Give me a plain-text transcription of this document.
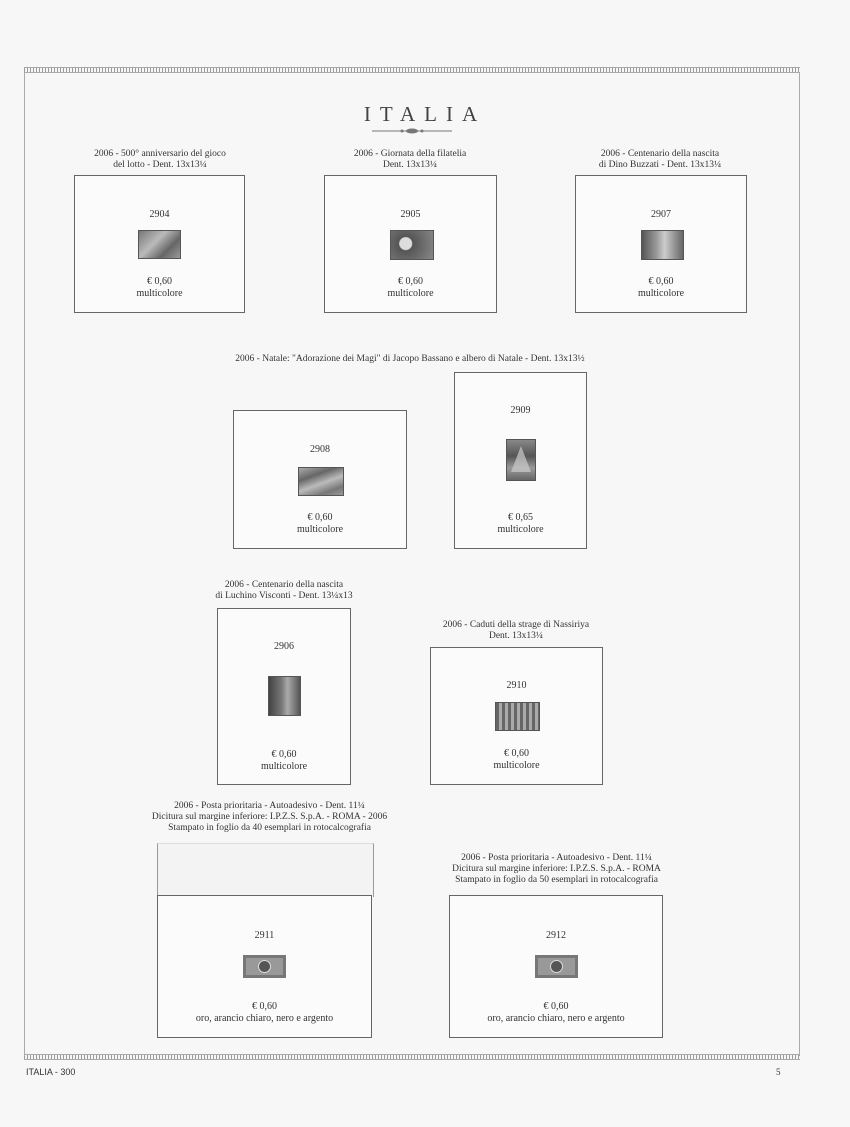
ITALIA
2006 - 500° anniversario del gioco
del lotto - Dent. 13x13¼
2006 - Giornata della filatelia
Dent. 13x13¼
2006 - Centenario della nascita
di Dino Buzzati - Dent. 13x13¼
2904
€ 0,60
multicolore
2905
€ 0,60
multicolore
2907
€ 0,60
multicolore
2006 - Natale: "Adorazione dei Magi" di Jacopo Bassano e albero di Natale - Dent. 13x13½
2908
€ 0,60
multicolore
2909
€ 0,65
multicolore
2006 - Centenario della nascita
di Luchino Visconti - Dent. 13¼x13
2906
€ 0,60
multicolore
2006 - Caduti della strage di Nassiriya
Dent. 13x13¼
2910
€ 0,60
multicolore
2006 - Posta prioritaria - Autoadesivo - Dent. 11¼
Dicitura sul margine inferiore: I.P.Z.S. S.p.A. - ROMA - 2006
Stampato in foglio da 40 esemplari in rotocalcografia
2911
€ 0,60
oro, arancio chiaro, nero e argento
2006 - Posta prioritaria - Autoadesivo - Dent. 11¼
Dicitura sul margine inferiore: I.P.Z.S. S.p.A. - ROMA
Stampato in foglio da 50 esemplari in rotocalcografia
2912
€ 0,60
oro, arancio chiaro, nero e argento
ITALIA - 300	5
